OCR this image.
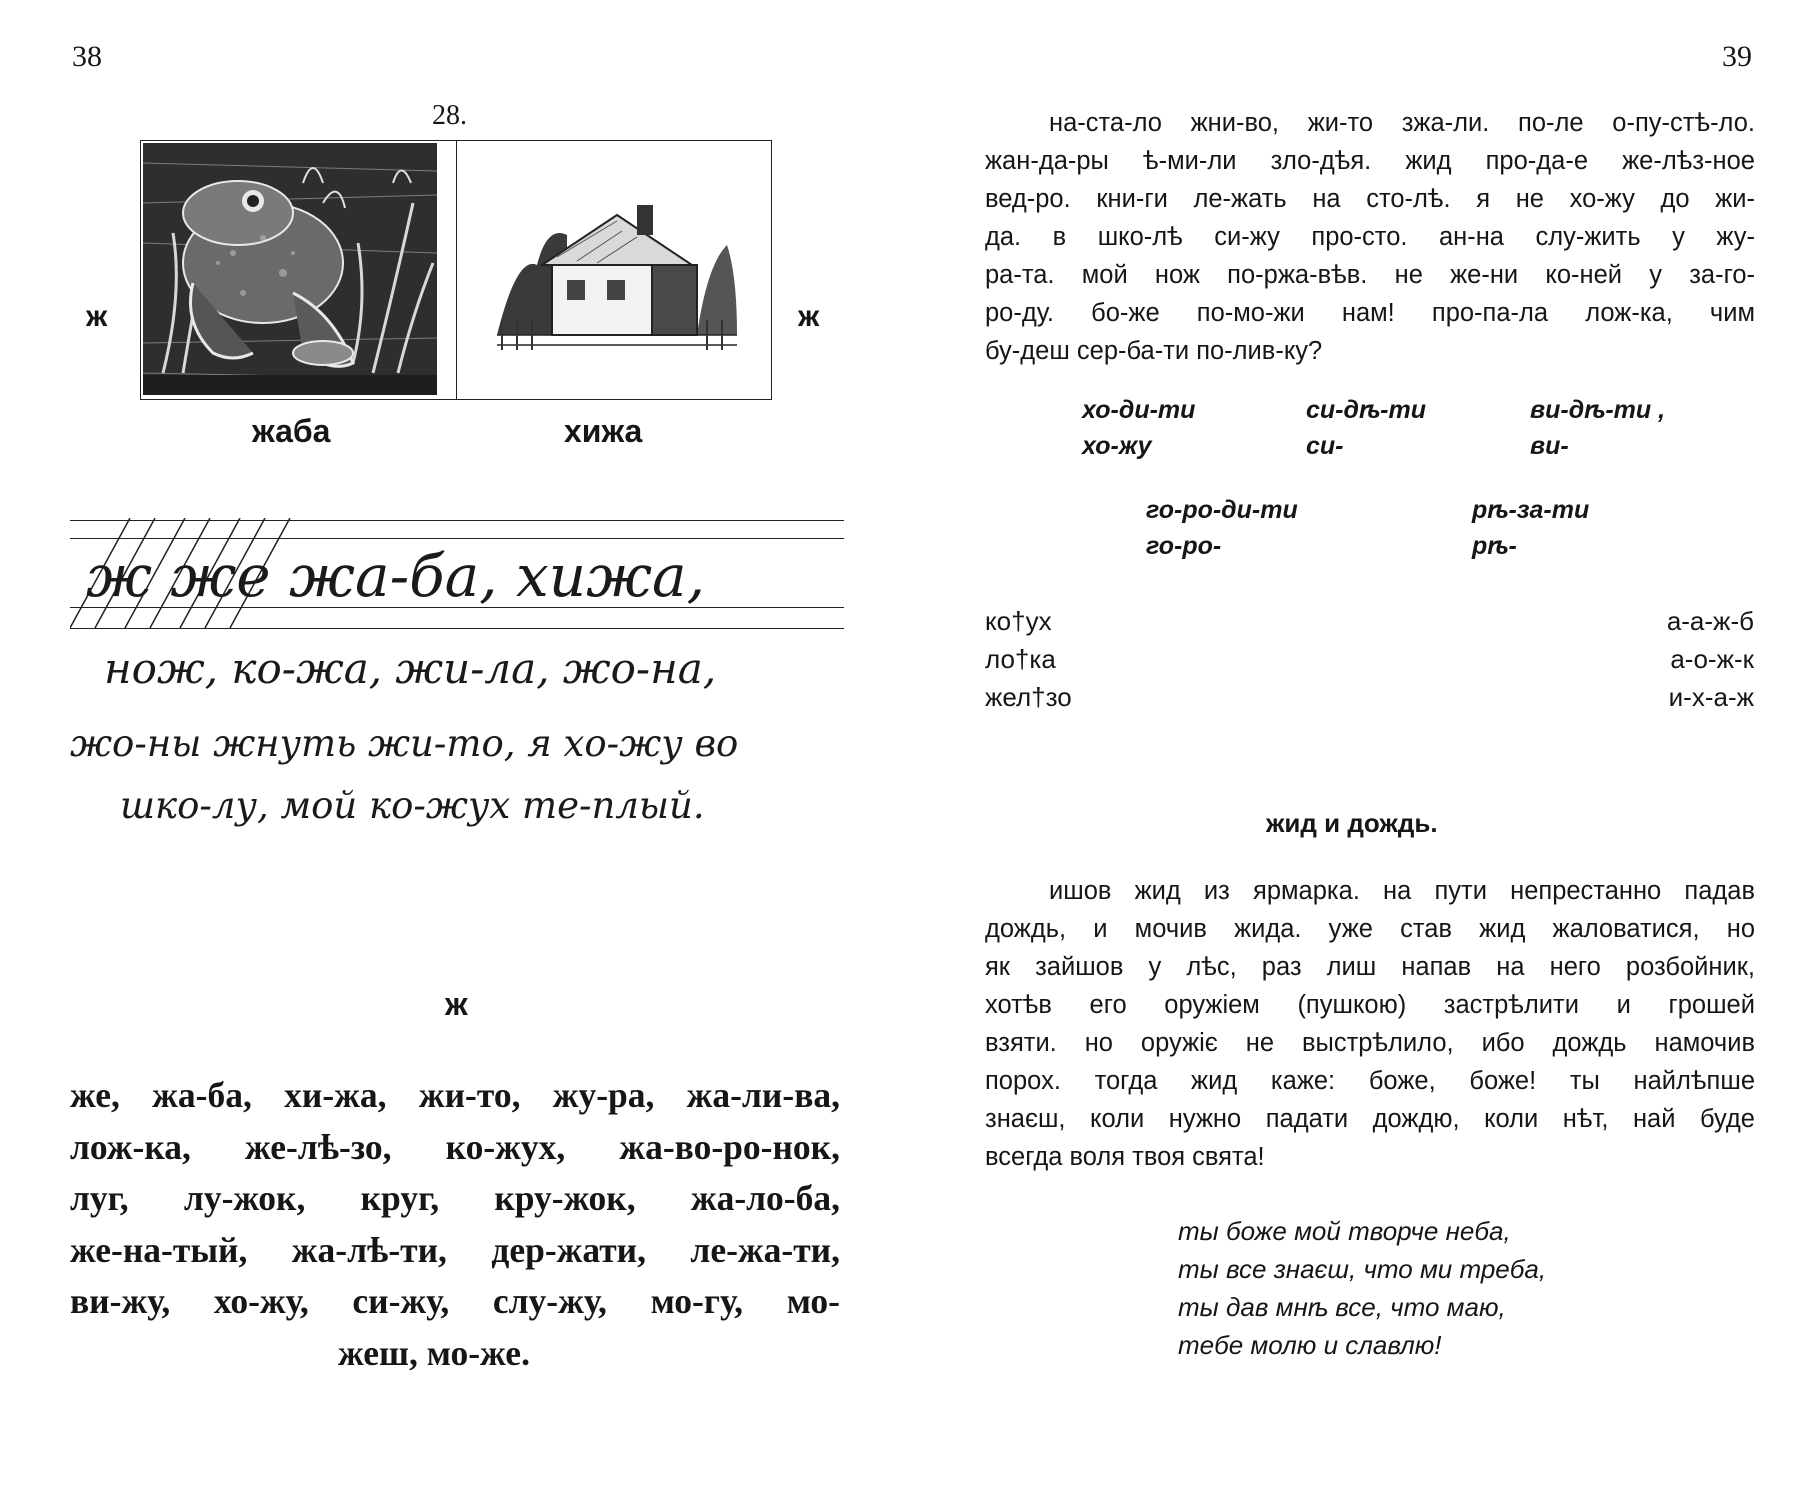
38
28.
ж	ж
жаба	хижа
ж же жа-ба, хижа,
нож, ко-жа, жи-ла, жо-на,
жо-ны жнуть жи-то, я хо-жу во
шко-лу, мой ко-жух те-плый.
ж
же, жа-ба, хи-жа, жи-то, жу-ра, жа-ли-ва,
лож-ка, же-лѣ-зо, ко-жух, жа-во-ро-нок,
луг, лу-жок, круг, кру-жок, жа-ло-ба,
же-на-тый, жа-лѣ-ти, дер-жати, ле-жа-ти,
ви-жу, хо-жу, си-жу, слу-жу, мо-гу, мо-
жеш, мо-же.
39
на-ста-ло жни-во, жи-то зжа-ли. по-ле о-пу-стѣ-ло.
жан-да-ры ѣ-ми-ли зло-дѣя. жид про-да-е же-лѣз-ное
вед-ро. кни-ги ле-жать на сто-лѣ. я не хо-жу до жи-
да. в шко-лѣ си-жу про-сто. ан-на слу-жить у жу-
ра-та. мой нож по-ржа-вѣв. не же-ни ко-ней у за-го-
ро-ду. бо-же по-мо-жи нам! про-па-ла лож-ка, чим
бу-деш сер-ба-ти по-лив-ку?
хо-ди-ти
хо-жу
си-дѣ-ти
си-
ви-дѣ-ти ,
ви-
го-ро-ди-ти
го-ро-
рѣ-за-ти
рѣ-
ко†ух
ло†ка
жел†зо
а-а-ж-б
а-о-ж-к
и-х-а-ж
жид и дождь.
ишов жид из ярмарка. на пути непрестанно падав
дождь, и мочив жида. уже став жид жаловатися, но
як зайшов у лѣс, раз лиш напав на него розбойник,
хотѣв его оружіем (пушкою) застрѣлити и грошей
взяти. но оружіє не выстрѣлило, ибо дождь намочив
порох. тогда жид каже: боже, боже! ты найлѣпше
знаєш, коли нужно падати дождю, коли нѣт, най буде
всегда воля твоя свята!
ты боже мой творче неба,
ты все знаєш, что ми треба,
ты дав мнѣ все, что маю,
тебе молю и славлю!
